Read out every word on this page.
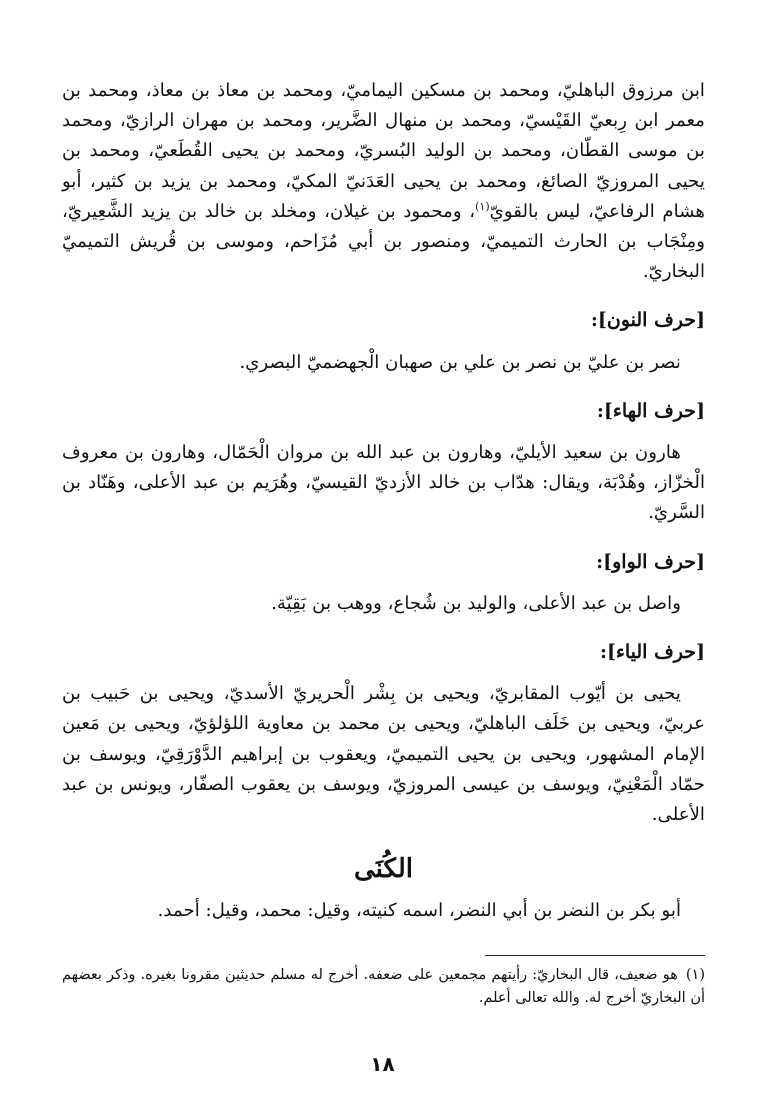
ابن مرزوق الباهليّ، ومحمد بن مسكين اليماميّ، ومحمد بن معاذ بن معاذ، ومحمد بن معمر ابن رِبعيّ القَيْسيّ، ومحمد بن منهال الضَّرير، ومحمد بن مهران الرازيّ، ومحمد بن موسى القطّان، ومحمد بن الوليد البُسريّ، ومحمد بن يحيى القُطَعيّ، ومحمد بن يحيى المروزيّ الصائغ، ومحمد بن يحيى العَدَنيّ المكيّ، ومحمد بن يزيد بن كثير، أبو هشام الرفاعيّ، ليس بالقويّ$^{(١)}$، ومحمود بن غيلان، ومخلد بن خالد بن يزيد الشَّعِيريّ، ومِنْجَاب بن الحارث التميميّ، ومنصور بن أبي مُزَاحم، وموسى بن قُريش التميميّ البخاريّ.

[حرف النون]:

نصر بن عليّ بن نصر بن علي بن صهبان الْجهضميّ البصري.

[حرف الهاء]:

هارون بن سعيد الأيليّ، وهارون بن عبد الله بن مروان الْحَمّال، وهارون بن معروف الْخزّاز، وهُدْبَة، ويقال: هدّاب بن خالد الأزديّ القيسيّ، وهُرَيم بن عبد الأعلى، وهَنّاد بن السَّريّ.

[حرف الواو]:

واصل بن عبد الأعلى، والوليد بن شُجاع، ووهب بن بَقِيّة.

[حرف الياء]:

يحيى بن أيّوب المقابريّ، ويحيى بن بِشْر الْحريريّ الأسديّ، ويحيى بن حَبيب بن عربيّ، ويحيى بن خَلَف الباهليّ، ويحيى بن محمد بن معاوية اللؤلؤيّ، ويحيى بن مَعين الإمام المشهور، ويحيى بن يحيى التميميّ، ويعقوب بن إبراهيم الدَّوْرَقِيّ، ويوسف بن حمّاد الْمَعْنِيّ، ويوسف بن عيسى المروزيّ، ويوسف بن يعقوب الصفّار، ويونس بن عبد الأعلى.

الكُنَى

أبو بكر بن النضر بن أبي النضر، اسمه كنيته، وقيل: محمد، وقيل: أحمد.

(١)هو ضعيف، قال البخاريّ: رأيتهم مجمعين على ضعفه. أخرج له مسلم حديثين مقرونا بغيره. وذكر بعضهم أن البخاريّ أخرج له. والله تعالى أعلم.
١٨
